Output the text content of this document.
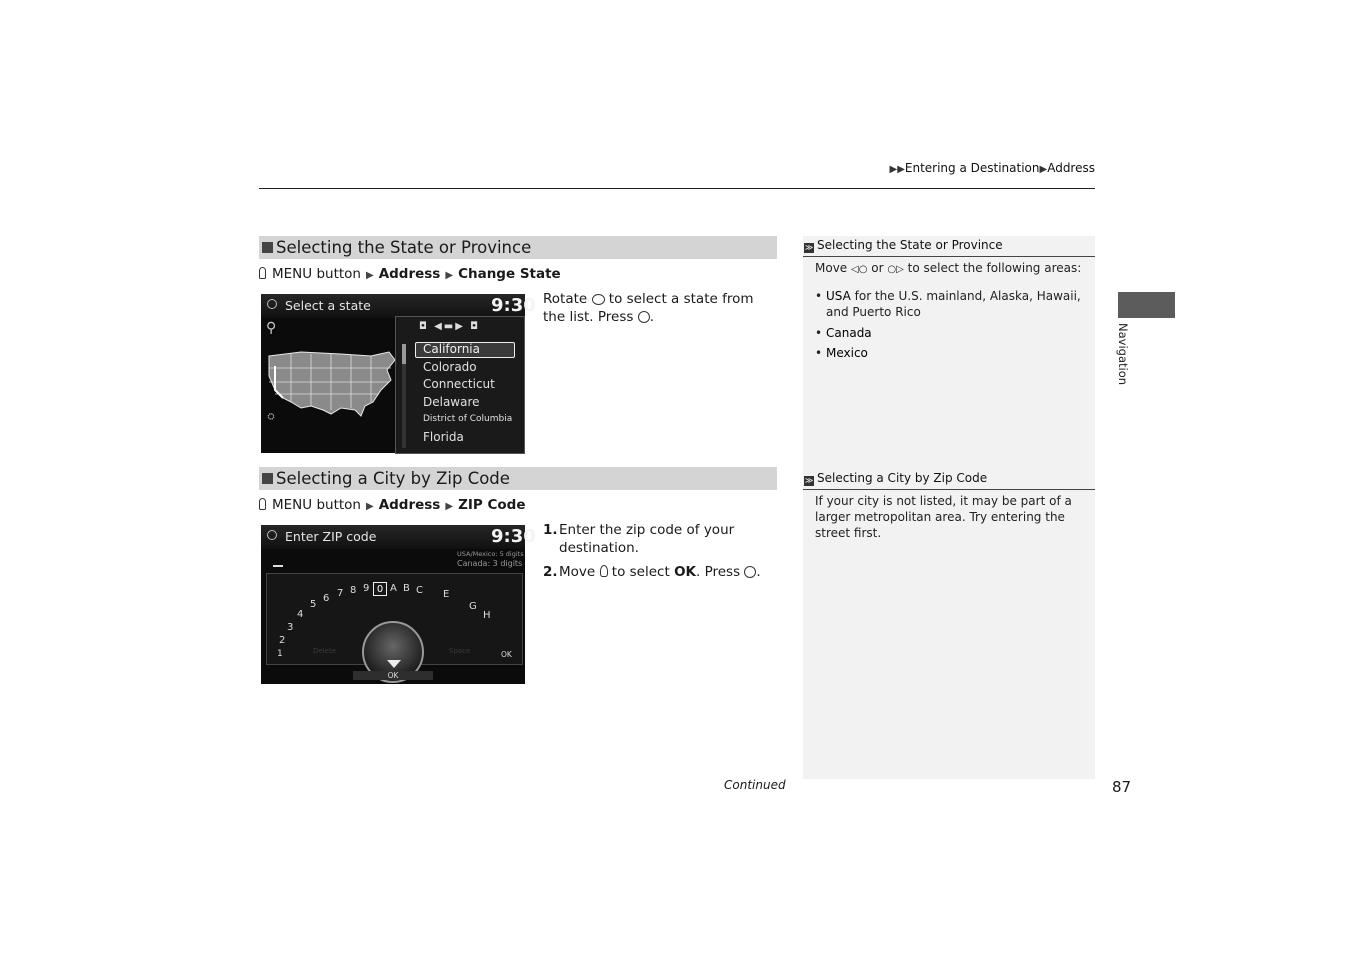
▶▶Entering a Destination▶Address
Selecting the State or Province
MENU button ▶ Address ▶ Change State
Select a state	9:30
⚲
⛭
◘ ◀▬▶ ◘
California
Colorado
Connecticut
Delaware
District of Columbia
Florida
Rotate to select a state from the list. Press .
Selecting a City by Zip Code
MENU button ▶ Address ▶ ZIP Code
Enter ZIP code	9:30
USA/Mexico: 5 digits
Canada: 3 digits
1
2
3
4
5
6 7 8 9 0 A B C E
G
H
Delete	Space	OK
OK
1. Enter the zip code of your destination.
2. Move to select OK. Press .
≫ Selecting the State or Province
Move ◁○ or ○▷ to select the following areas:
• USA for the U.S. mainland, Alaska, Hawaii, and Puerto Rico
• Canada
• Mexico
≫ Selecting a City by Zip Code
If your city is not listed, it may be part of a larger metropolitan area. Try entering the street first.
Navigation
Continued	87
